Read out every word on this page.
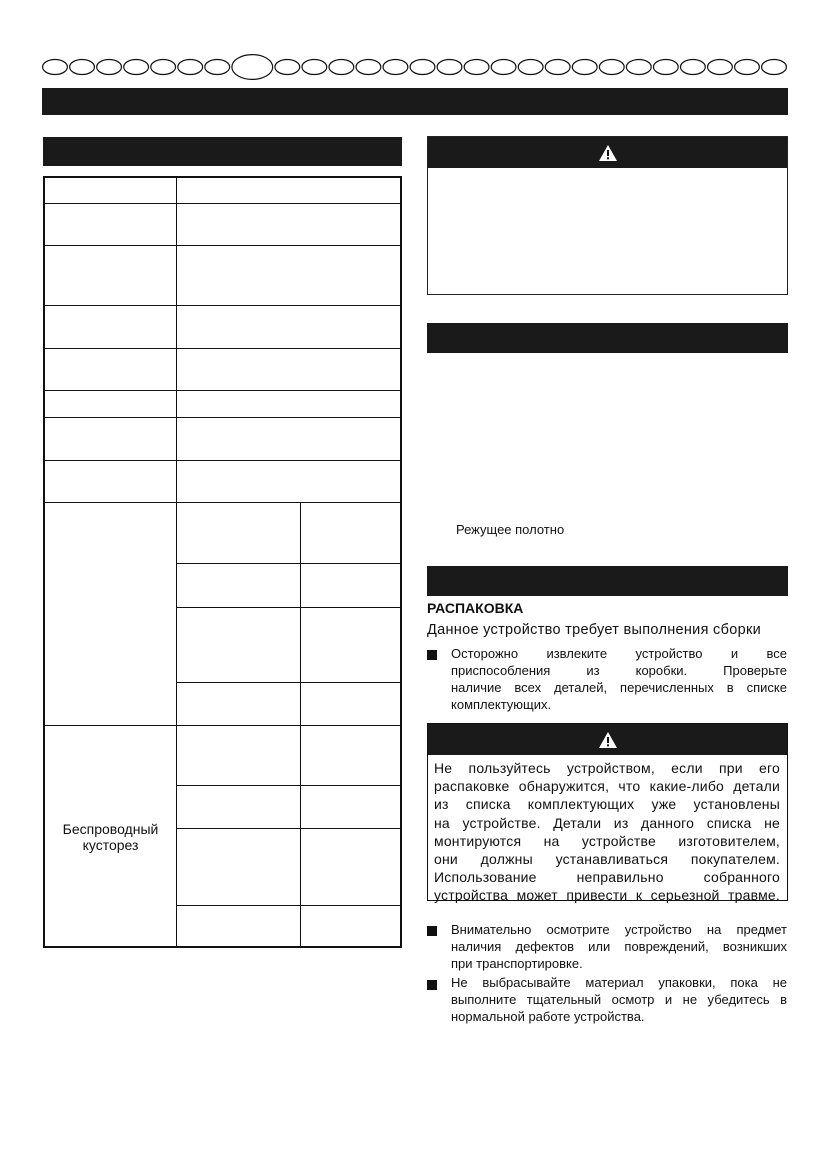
Беспроводный кусторез
Режущее полотно
РАСПАКОВКА
Данное устройство требует выполнения сборки
Осторожно извлеките устройство и все
приспособления из коробки. Проверьте
наличие всех деталей, перечисленных в списке
комплектующих.
Не пользуйтесь устройством, если при его
распаковке обнаружится, что какие-либо детали
из списка комплектующих уже установлены
на устройстве. Детали из данного списка не
монтируются на устройстве изготовителем,
они должны устанавливаться покупателем.
Использование неправильно собранного
устройства может привести к серьезной травме.
Внимательно осмотрите устройство на предмет
наличия дефектов или повреждений, возникших
при транспортировке.
Не выбрасывайте материал упаковки, пока не
выполните тщательный осмотр и не убедитесь в
нормальной работе устройства.
